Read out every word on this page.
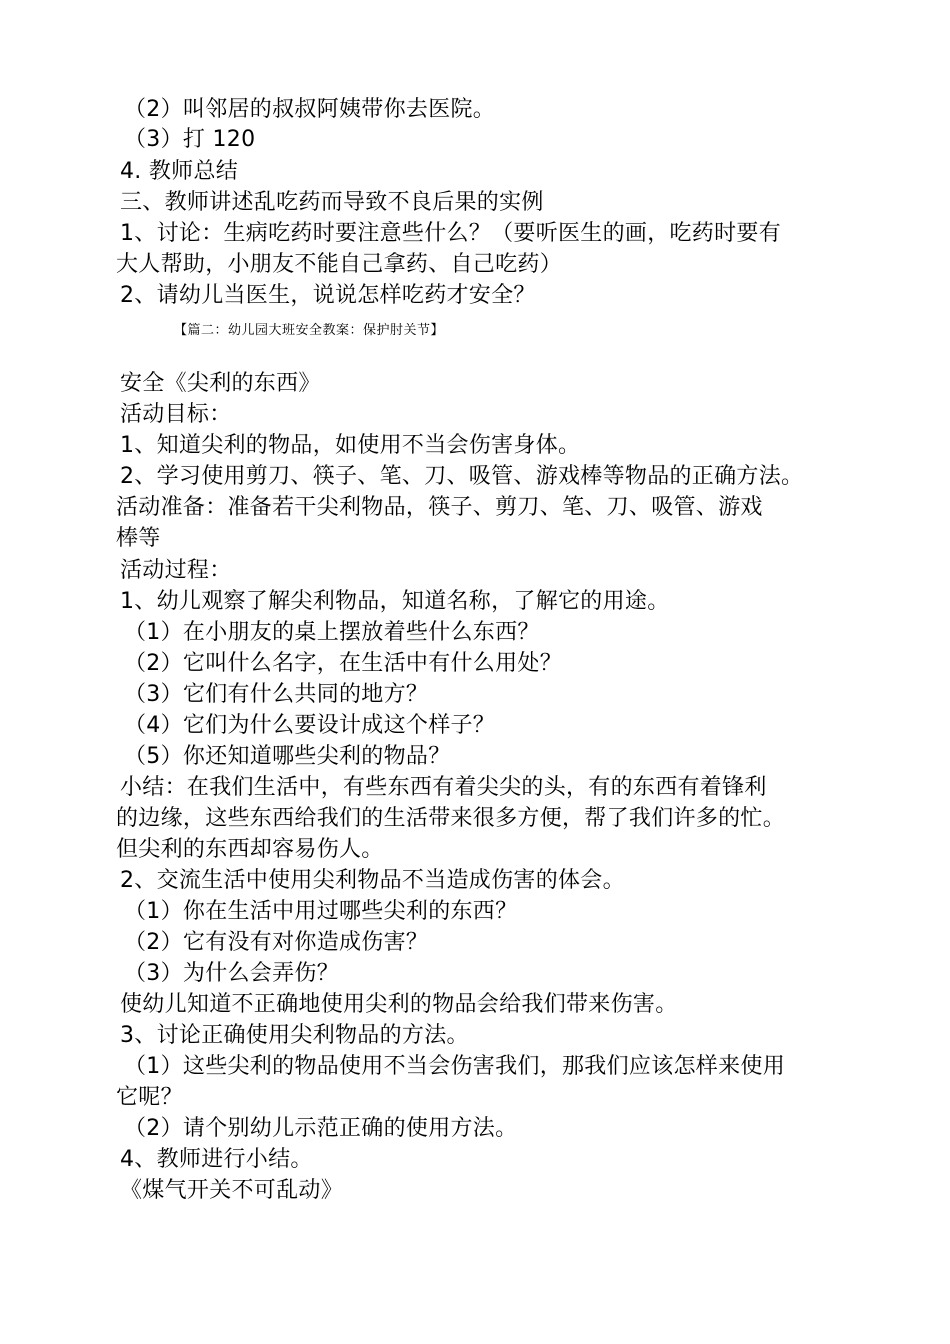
（2）叫邻居的叔叔阿姨带你去医院。
（3）打 120
4. 教师总结
三、教师讲述乱吃药而导致不良后果的实例
1、讨论：生病吃药时要注意些什么？（要听医生的画，吃药时要有
大人帮助，小朋友不能自己拿药、自己吃药）
2、请幼儿当医生，说说怎样吃药才安全？
【篇二：幼儿园大班安全教案：保护肘关节】
安全《尖利的东西》
活动目标：
1、知道尖利的物品，如使用不当会伤害身体。
2、学习使用剪刀、筷子、笔、刀、吸管、游戏棒等物品的正确方法。
活动准备：准备若干尖利物品，筷子、剪刀、笔、刀、吸管、游戏
棒等
活动过程：
1、幼儿观察了解尖利物品，知道名称，了解它的用途。
（1）在小朋友的桌上摆放着些什么东西？
（2）它叫什么名字，在生活中有什么用处？
（3）它们有什么共同的地方？
（4）它们为什么要设计成这个样子？
（5）你还知道哪些尖利的物品？
小结：在我们生活中，有些东西有着尖尖的头，有的东西有着锋利
的边缘，这些东西给我们的生活带来很多方便，帮了我们许多的忙。
但尖利的东西却容易伤人。
2、交流生活中使用尖利物品不当造成伤害的体会。
（1）你在生活中用过哪些尖利的东西？
（2）它有没有对你造成伤害？
（3）为什么会弄伤？
使幼儿知道不正确地使用尖利的物品会给我们带来伤害。
3、讨论正确使用尖利物品的方法。
（1）这些尖利的物品使用不当会伤害我们，那我们应该怎样来使用
它呢？
（2）请个别幼儿示范正确的使用方法。
4、教师进行小结。
《煤气开关不可乱动》
